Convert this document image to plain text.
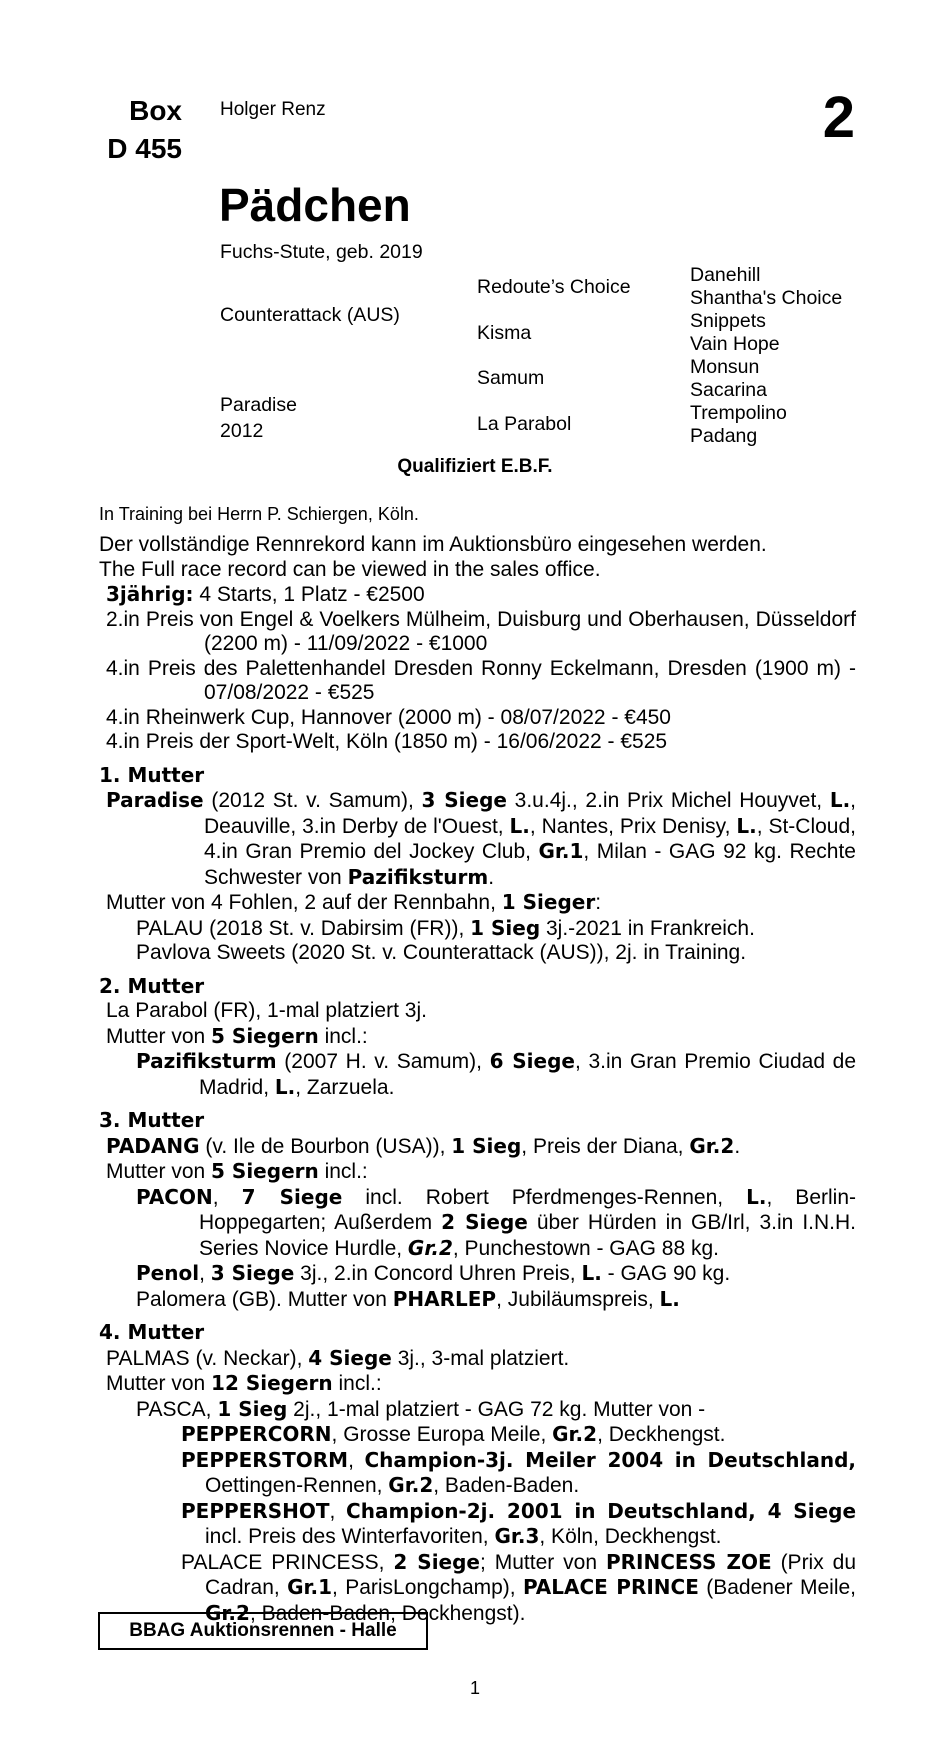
Box
D 455
Holger Renz	2
Pädchen
Fuchs-Stute, geb. 2019
Counterattack (AUS)
Paradise
2012
Redoute’s Choice
Kisma
Samum
La Parabol
Danehill
Shantha's Choice
Snippets
Vain Hope
Monsun
Sacarina
Trempolino
Padang
Qualifiziert E.B.F.
In Training bei Herrn P. Schiergen, Köln.

Der vollständige Rennrekord kann im Auktionsbüro eingesehen werden.

The Full race record can be viewed in the sales office.

3jährig: 4 Starts, 1 Platz - €2500

2.in Preis von Engel & Voelkers Mülheim, Duisburg und Oberhausen, Düsseldorf (2200 m) - 11/09/2022 - €1000

4.in Preis des Palettenhandel Dresden Ronny Eckelmann, Dresden (1900 m) - 07/08/2022 - €525

4.in Rheinwerk Cup, Hannover (2000 m) - 08/07/2022 - €450

4.in Preis der Sport-Welt, Köln (1850 m) - 16/06/2022 - €525

1. Mutter

Paradise (2012 St. v. Samum), 3 Siege 3.u.4j., 2.in Prix Michel Houyvet, L., Deauville, 3.in Derby de l'Ouest, L., Nantes, Prix Denisy, L., St-Cloud, 4.in Gran Premio del Jockey Club, Gr.1, Milan - GAG 92 kg. Rechte Schwester von Pazifiksturm.

Mutter von 4 Fohlen, 2 auf der Rennbahn, 1 Sieger:

PALAU (2018 St. v. Dabirsim (FR)), 1 Sieg 3j.-2021 in Frankreich.

Pavlova Sweets (2020 St. v. Counterattack (AUS)), 2j. in Training.

2. Mutter

La Parabol (FR), 1-mal platziert 3j.

Mutter von 5 Siegern incl.:

Pazifiksturm (2007 H. v. Samum), 6 Siege, 3.in Gran Premio Ciudad de Madrid, L., Zarzuela.

3. Mutter

PADANG (v. Ile de Bourbon (USA)), 1 Sieg, Preis der Diana, Gr.2.

Mutter von 5 Siegern incl.:

PACON, 7 Siege incl. Robert Pferdmenges-Rennen, L., Berlin-Hoppegarten; Außerdem 2 Siege über Hürden in GB/Irl, 3.in I.N.H. Series Novice Hurdle, Gr.2, Punchestown - GAG 88 kg.

Penol, 3 Siege 3j., 2.in Concord Uhren Preis, L. - GAG 90 kg.

Palomera (GB). Mutter von PHARLEP, Jubiläumspreis, L.

4. Mutter

PALMAS (v. Neckar), 4 Siege 3j., 3-mal platziert.

Mutter von 12 Siegern incl.:

PASCA, 1 Sieg 2j., 1-mal platziert - GAG 72 kg. Mutter von -

PEPPERCORN, Grosse Europa Meile, Gr.2, Deckhengst.

PEPPERSTORM, Champion-3j. Meiler 2004 in Deutschland, Oettingen-Rennen, Gr.2, Baden-Baden.

PEPPERSHOT, Champion-2j. 2001 in Deutschland, 4 Siege incl. Preis des Winterfavoriten, Gr.3, Köln, Deckhengst.

PALACE PRINCESS, 2 Siege; Mutter von PRINCESS ZOE (Prix du Cadran, Gr.1, ParisLongchamp), PALACE PRINCE (Badener Meile, Gr.2, Baden-Baden, Deckhengst).

BBAG Auktionsrennen - Halle
1
